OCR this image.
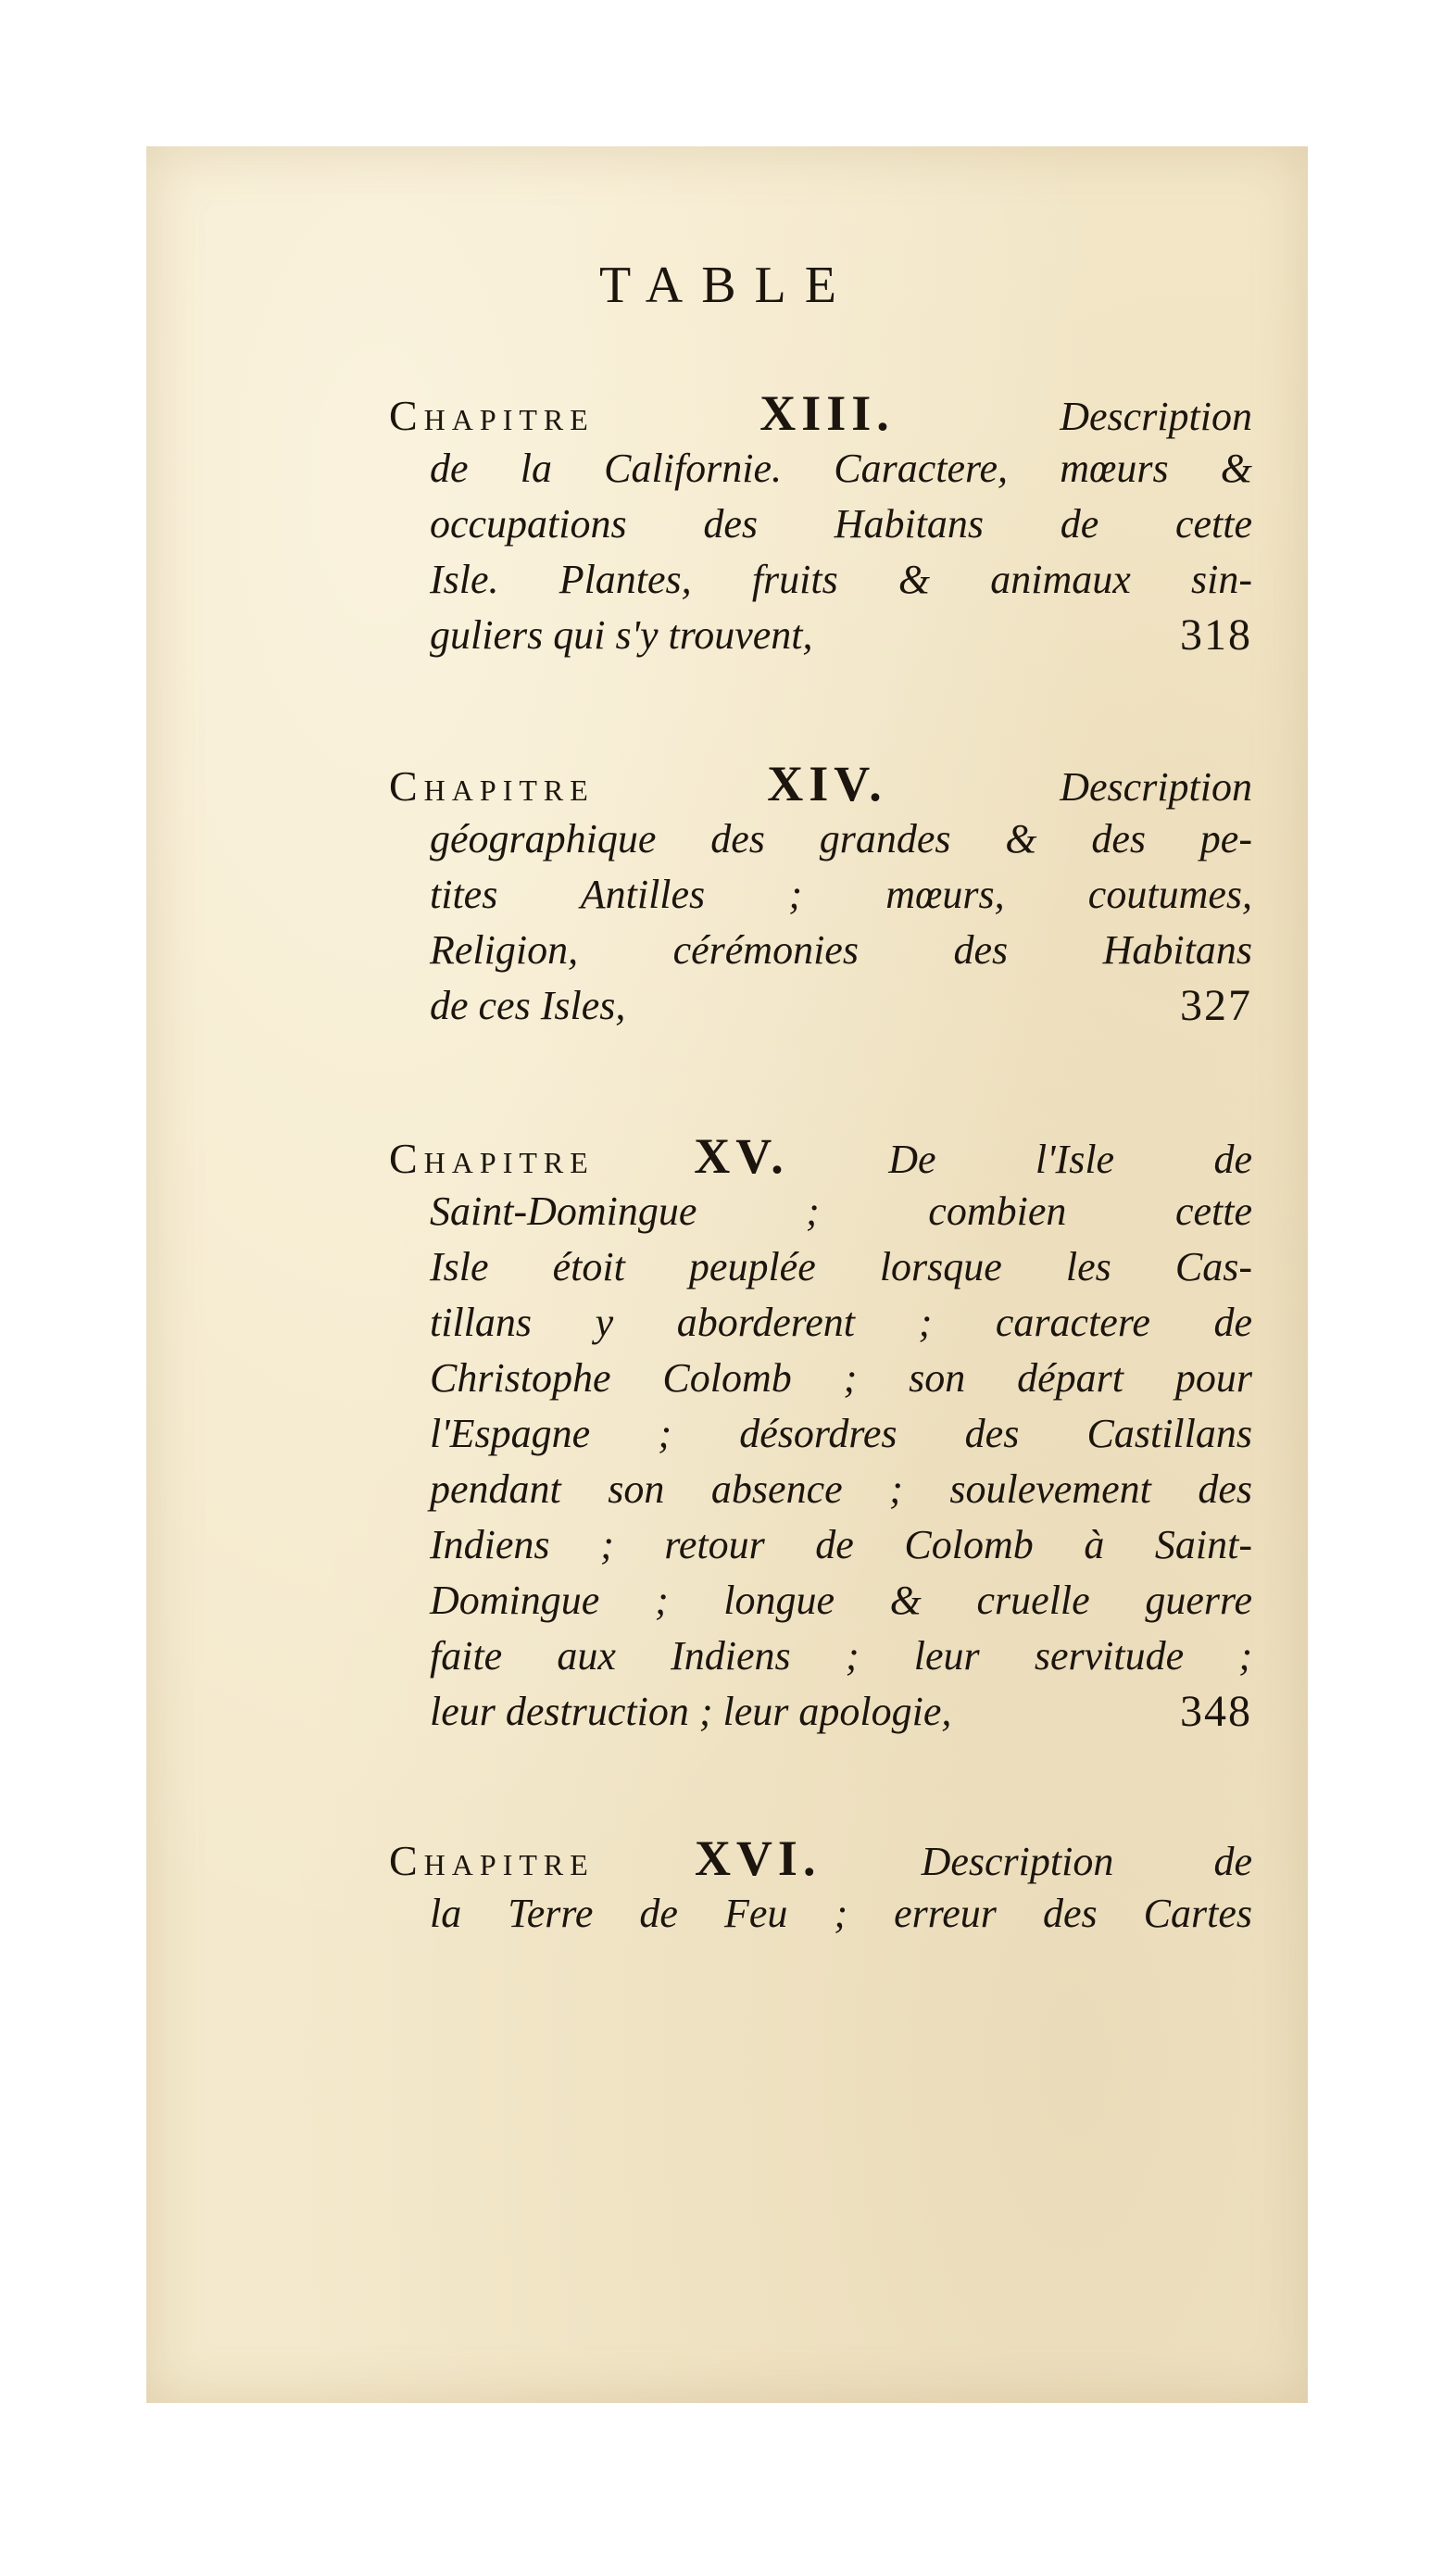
TABLE
Chapitre	XIII.	Description
de la Californie. Caractere, mœurs &
occupations des Habitans de cette
Isle. Plantes, fruits & animaux sin-
guliers qui s'y trouvent,	318
Chapitre	XIV.	Description
géographique des grandes & des pe-
tites Antilles ; mœurs, coutumes,
Religion, cérémonies des Habitans
de ces Isles,	327
Chapitre XV. De l'Isle de
Saint-Domingue ; combien cette
Isle étoit peuplée lorsque les Cas-
tillans y aborderent ; caractere de
Christophe Colomb ; son départ pour
l'Espagne ; désordres des Castillans
pendant son absence ; soulevement des
Indiens ; retour de Colomb à Saint-
Domingue ; longue & cruelle guerre
faite aux Indiens ; leur servitude ;
leur destruction ; leur apologie,	348
Chapitre XVI. Description de
la Terre de Feu ; erreur des Cartes
